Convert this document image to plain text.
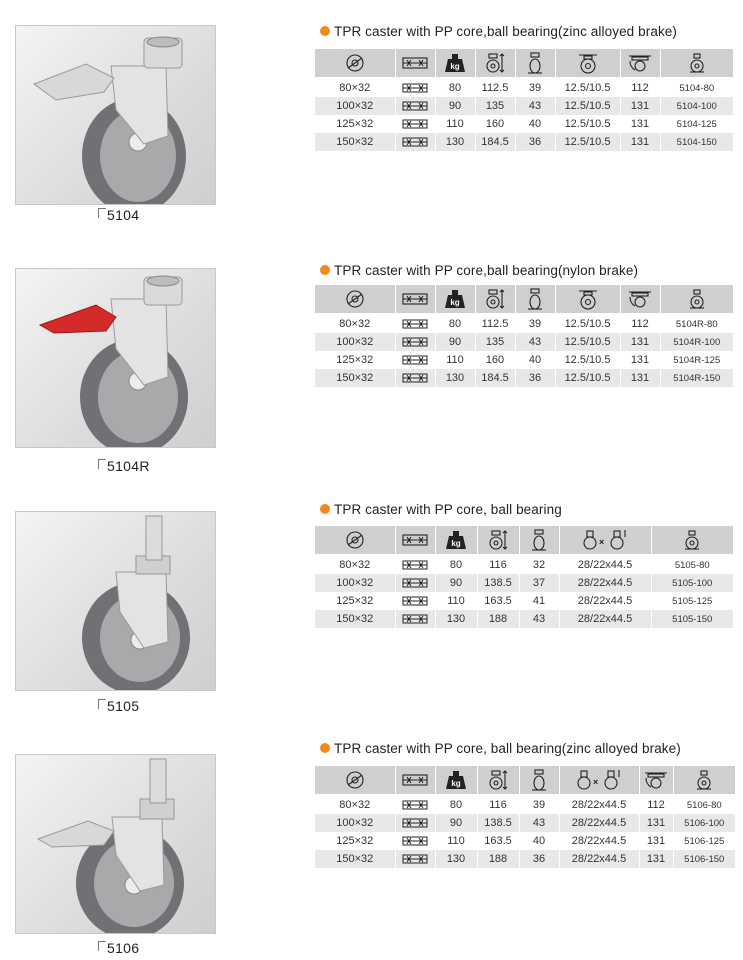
5104
TPR caster with PP core,ball bearing(zinc alloyed brake)

kg

80×32		80	112.5	39	12.5/10.5	112	5104-80
100×32		90	135	43	12.5/10.5	131	5104-100
125×32		110	160	40	12.5/10.5	131	5104-125
150×32		130	184.5	36	12.5/10.5	131	5104-150
5104R
TPR caster with PP core,ball bearing(nylon brake)

kg

80×32		80	112.5	39	12.5/10.5	112	5104R-80
100×32		90	135	43	12.5/10.5	131	5104R-100
125×32		110	160	40	12.5/10.5	131	5104R-125
150×32		130	184.5	36	12.5/10.5	131	5104R-150
5105
TPR caster with PP core, ball bearing

kg			×

80×32		80	116	32	28/22x44.5	5105-80
100×32		90	138.5	37	28/22x44.5	5105-100
125×32		110	163.5	41	28/22x44.5	5105-125
150×32		130	188	43	28/22x44.5	5105-150
5106
TPR caster with PP core, ball bearing(zinc alloyed brake)

kg			×

80×32		80	116	39	28/22x44.5	112	5106-80
100×32		90	138.5	43	28/22x44.5	131	5106-100
125×32		110	163.5	40	28/22x44.5	131	5106-125
150×32		130	188	36	28/22x44.5	131	5106-150
